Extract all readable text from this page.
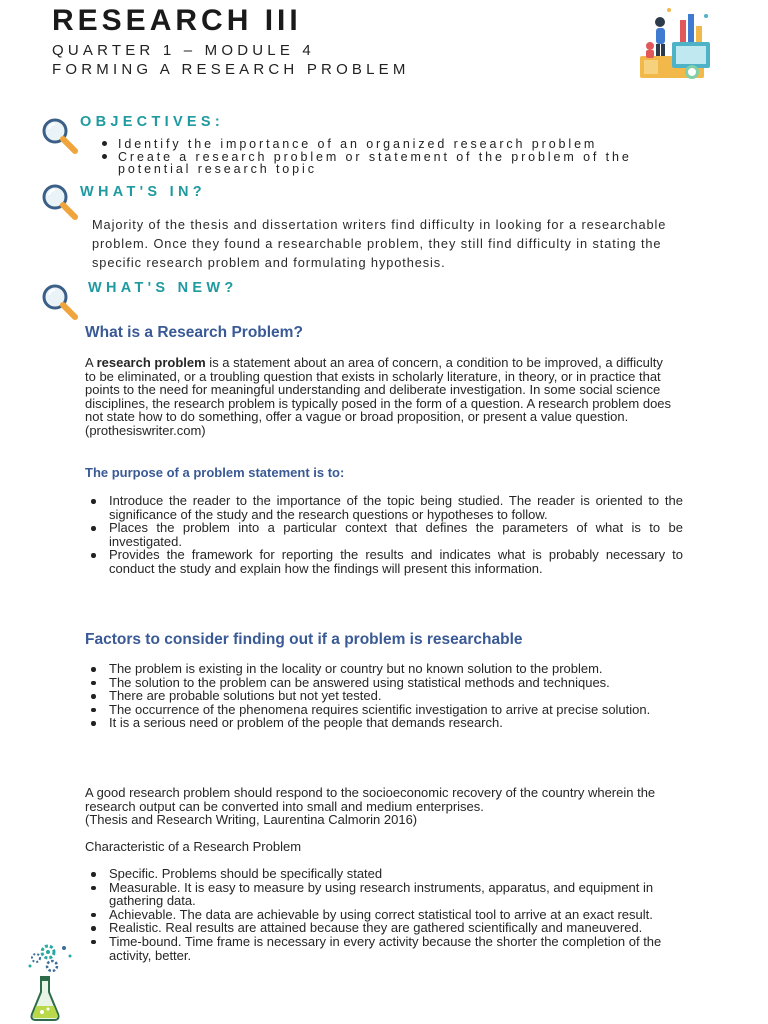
RESEARCH III

QUARTER 1 – MODULE 4

FORMING A RESEARCH PROBLEM

OBJECTIVES:
Identify the importance of an organized research problem
Create a research problem or statement of the problem of the potential research topic
WHAT'S IN?

Majority of the thesis and dissertation writers find difficulty in looking for a researchable problem. Once they found a researchable problem, they still find difficulty in stating the specific research problem and formulating hypothesis.

WHAT'S NEW?
What is a Research Problem?

A research problem is a statement about an area of concern, a condition to be improved, a difficulty to be eliminated, or a troubling question that exists in scholarly literature, in theory, or in practice that points to the need for meaningful understanding and deliberate investigation. In some social science disciplines, the research problem is typically posed in the form of a question. A research problem does not state how to do something, offer a vague or broad proposition, or present a value question.
(prothesiswriter.com)

The purpose of a problem statement is to:
Introduce the reader to the importance of the topic being studied. The reader is oriented to the significance of the study and the research questions or hypotheses to follow.
Places the problem into a particular context that defines the parameters of what is to be investigated.
Provides the framework for reporting the results and indicates what is probably necessary to conduct the study and explain how the findings will present this information.
Factors to consider finding out if a problem is researchable
The problem is existing in the locality or country but no known solution to the problem.
The solution to the problem can be answered using statistical methods and techniques.
There are probable solutions but not yet tested.
The occurrence of the phenomena requires scientific investigation to arrive at precise solution.
It is a serious need or problem of the people that demands research.

A good research problem should respond to the socioeconomic recovery of the country wherein the research output can be converted into small and medium enterprises.
(Thesis and Research Writing, Laurentina Calmorin 2016)

Characteristic of a Research Problem

Specific. Problems should be specifically stated
Measurable. It is easy to measure by using research instruments, apparatus, and equipment in gathering data.
Achievable. The data are achievable by using correct statistical tool to arrive at an exact result.
Realistic. Real results are attained because they are gathered scientifically and maneuvered.
Time-bound. Time frame is necessary in every activity because the shorter the completion of the activity, better.
